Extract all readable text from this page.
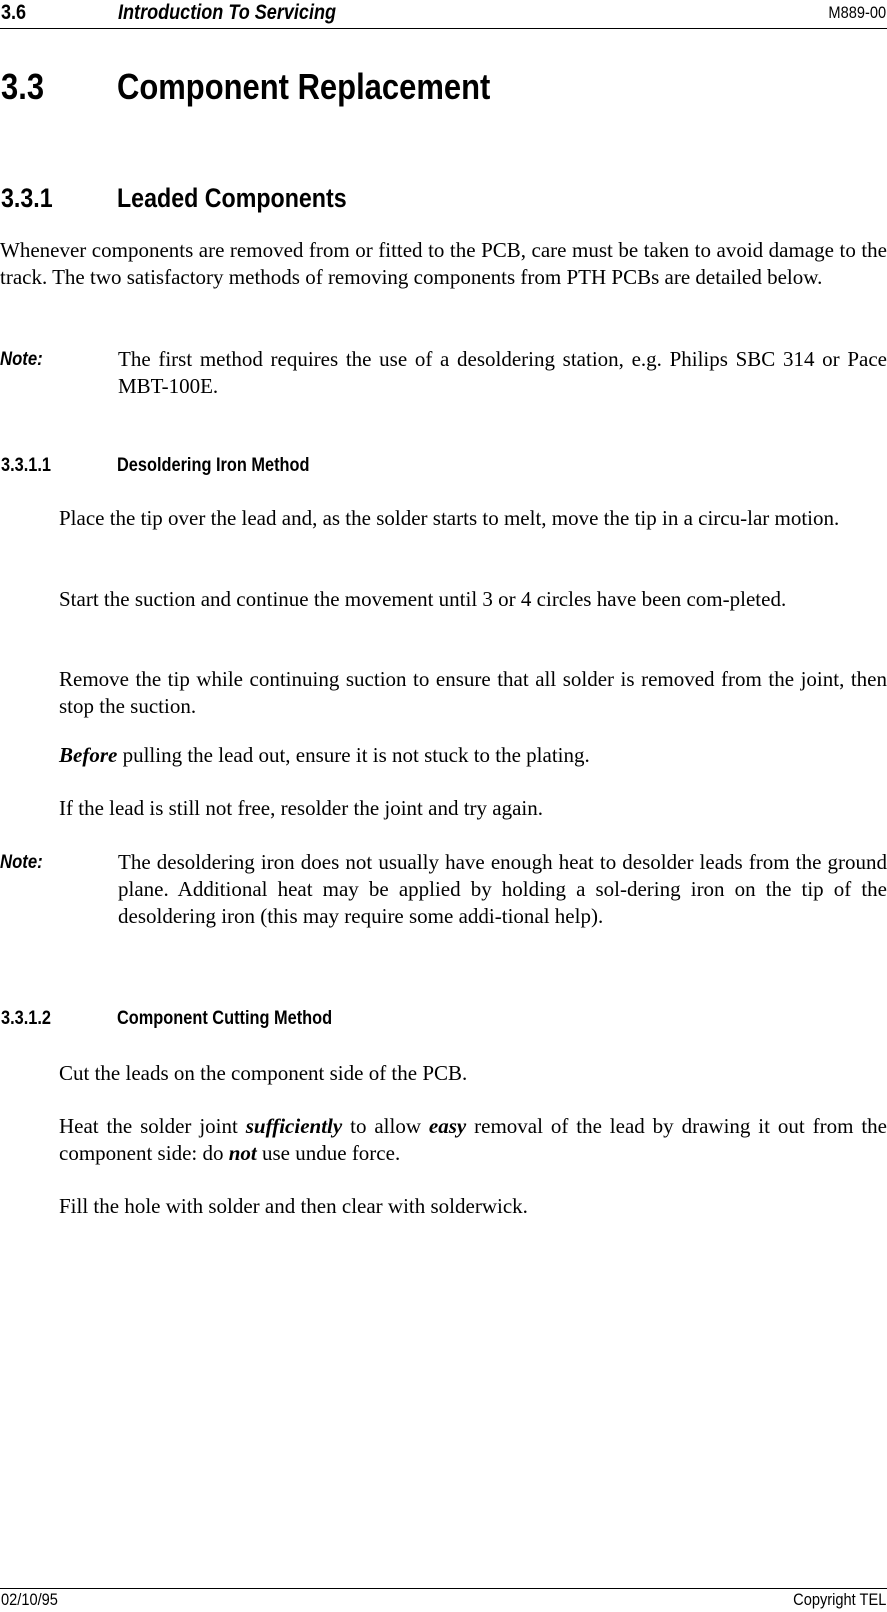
3.6	Introduction To Servicing	M889-00
3.3 Component Replacement
3.3.1 Leaded Components

Whenever components are removed from or fitted to the PCB, care must be taken to avoid damage to the track. The two satisfactory methods of removing components from PTH PCBs are detailed below.

Note:	The first method requires the use of a desoldering station, e.g. Philips SBC 314 or Pace MBT-100E.

3.3.1.1	Desoldering Iron Method

Place the tip over the lead and, as the solder starts to melt, move the tip in a circu-lar motion.

Start the suction and continue the movement until 3 or 4 circles have been com-pleted.

Remove the tip while continuing suction to ensure that all solder is removed from the joint, then stop the suction.

Before pulling the lead out, ensure it is not stuck to the plating.

If the lead is still not free, resolder the joint and try again.

Note:	The desoldering iron does not usually have enough heat to desolder leads from the ground plane. Additional heat may be applied by holding a sol-dering iron on the tip of the desoldering iron (this may require some addi-tional help).

3.3.1.2	Component Cutting Method

Cut the leads on the component side of the PCB.

Heat the solder joint sufficiently to allow easy removal of the lead by drawing it out from the component side: do not use undue force.

Fill the hole with solder and then clear with solderwick.

02/10/95	Copyright TEL
